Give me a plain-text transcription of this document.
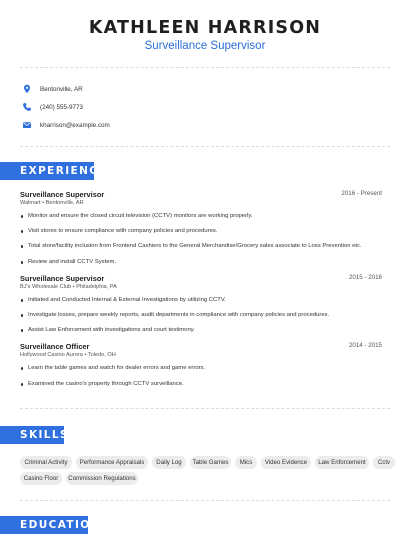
KATHLEEN HARRISON
Surveillance Supervisor
Bentonville, AR
(240) 555-9773
kharrison@example.com
EXPERIENCE
Surveillance Supervisor	2016 - Present
Walmart • Bentonville, AR
Monitor and ensure the closed circuit television (CCTV) monitors are working properly.
Visit stores to ensure compliance with company policies and procedures.
Total store/facility inclusion from Frontend Cashiers to the General Merchandise/Grocery sales associate to Loss Prevention etc.
Review and install CCTV System.
Surveillance Supervisor	2015 - 2016
BJ's Wholesale Club • Philadelphia, PA
Initiated and Conducted Internal & External Investigations by utilizing CCTV.
Investigate losses, prepare weekly reports, audit departments in compliance with company policies and procedures.
Assist Law Enforcement with investigations and court testimony.
Surveillance Officer	2014 - 2015
Hollywood Casino Aurora • Toledo, OH
Learn the table games and watch for dealer errors and game errors.
Examined the casino's property through CCTV surveillance.
SKILLS
Criminal Activity	Performance Appraisals	Daily Log	Table Games	Mics	Video Evidence	Law Enforcement	Cctv
Casino Floor	Commission Regulations
EDUCATION
